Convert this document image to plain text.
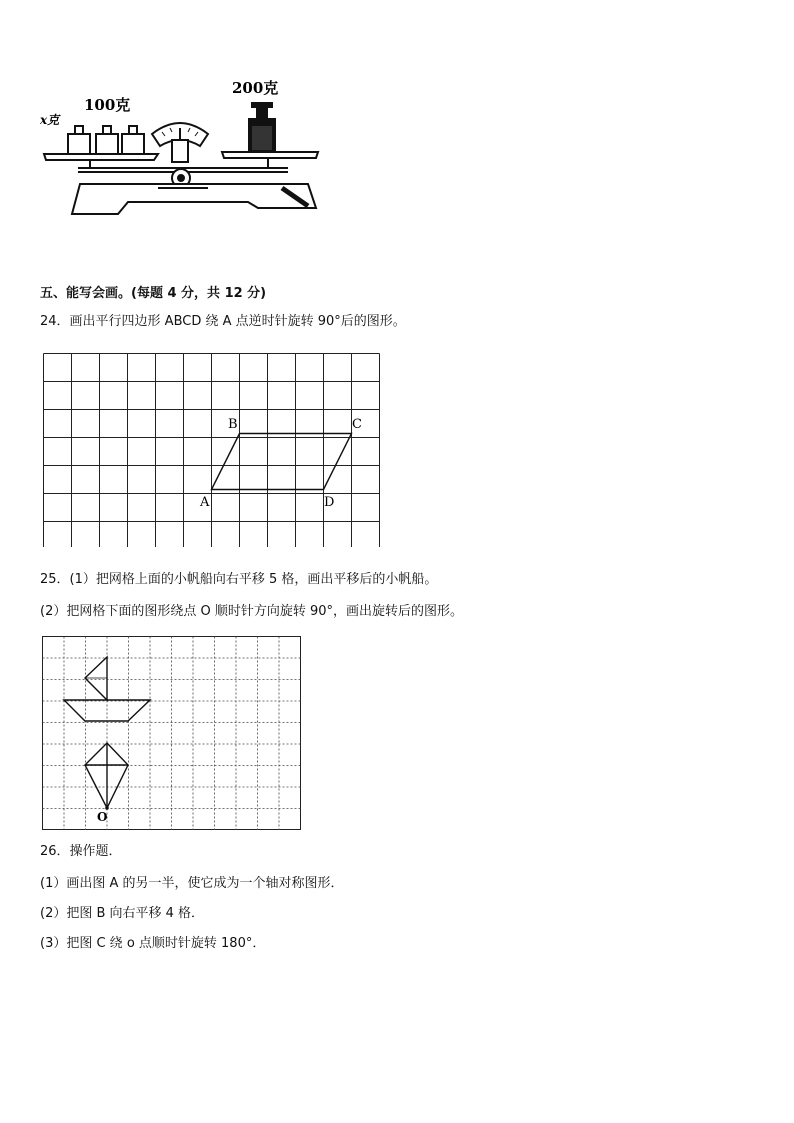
x克
100克
200克
五、能写会画。(每题 4 分，共 12 分)
24．画出平行四边形 ABCD 绕 A 点逆时针旋转 90°后的图形。
B	C
A	D
25．(1）把网格上面的小帆船向右平移 5 格，画出平移后的小帆船。
(2）把网格下面的图形绕点 O 顺时针方向旋转 90°，画出旋转后的图形。
O
26．操作题．
(1）画出图 A 的另一半，使它成为一个轴对称图形．
(2）把图 B 向右平移 4 格．
(3）把图 C 绕 o 点顺时针旋转 180°．
